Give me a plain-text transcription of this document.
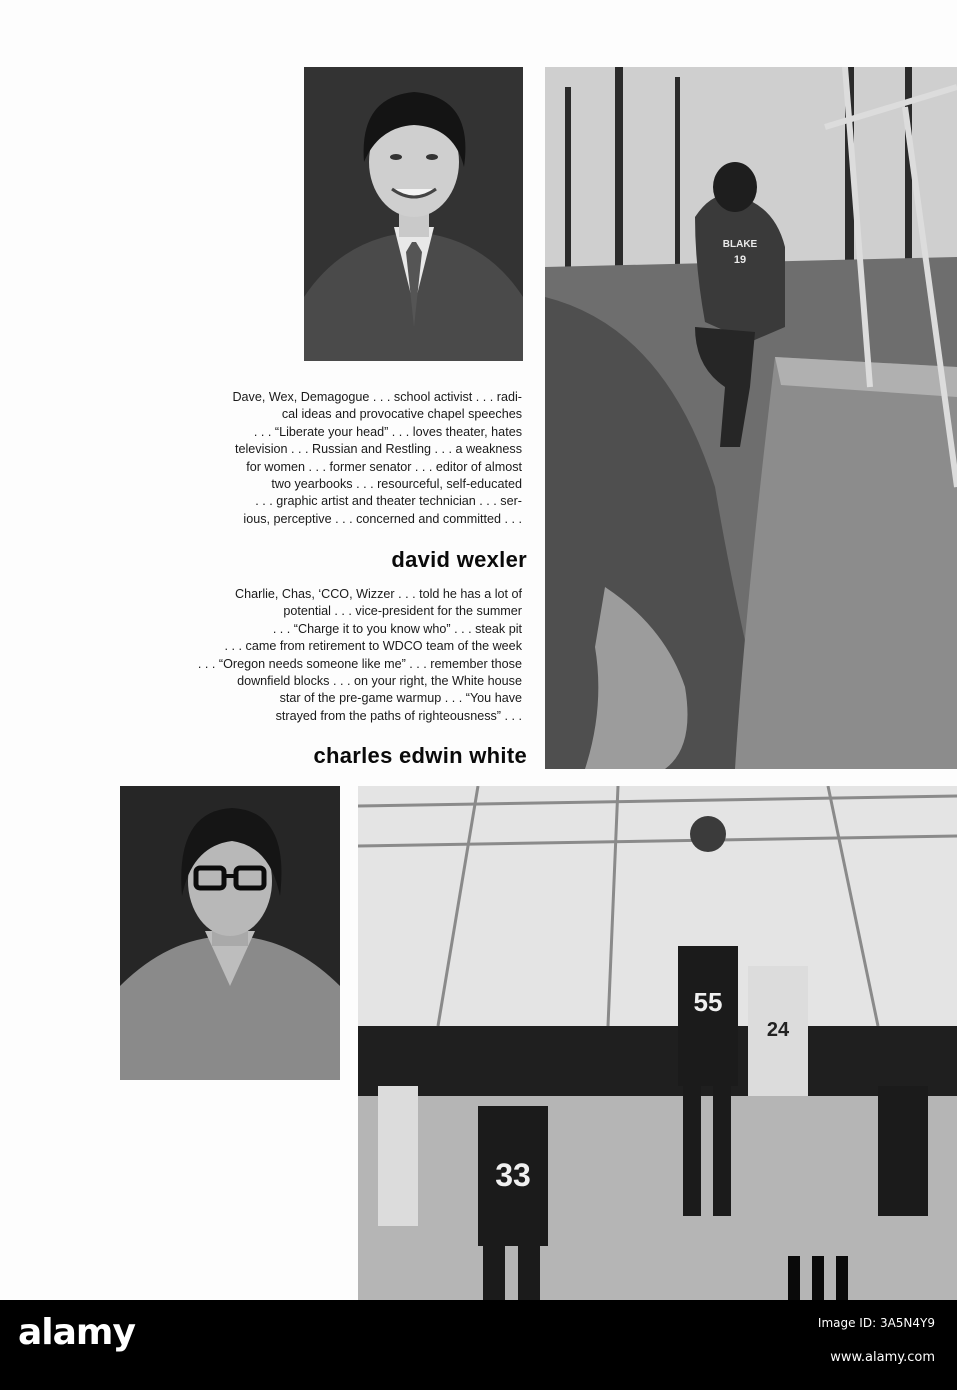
BLAKE
19

Dave, Wex, Demagogue . . . school activist . . . radi-
cal ideas and provocative chapel speeches
. . . “Liberate your head” . . . loves theater, hates
television . . . Russian and Restling . . . a weakness
for women . . . former senator . . . editor of almost
two yearbooks . . . resourceful, self-educated
. . . graphic artist and theater technician . . . ser-
ious, perceptive . . . concerned and committed . . .

david wexler

Charlie, Chas, ‘CCO, Wizzer . . . told he has a lot of
potential . . . vice-president for the summer
. . . “Charge it to you know who” . . . steak pit
. . . came from retirement to WDCO team of the week
. . . “Oregon needs someone like me” . . . remember those
downfield blocks . . . on your right, the White house
star of the pre-game warmup . . . “You have
strayed from the paths of righteousness” . . .

charles edwin white
55
24
33
alamy	Image ID: 3A5N4Y9
www.alamy.com
